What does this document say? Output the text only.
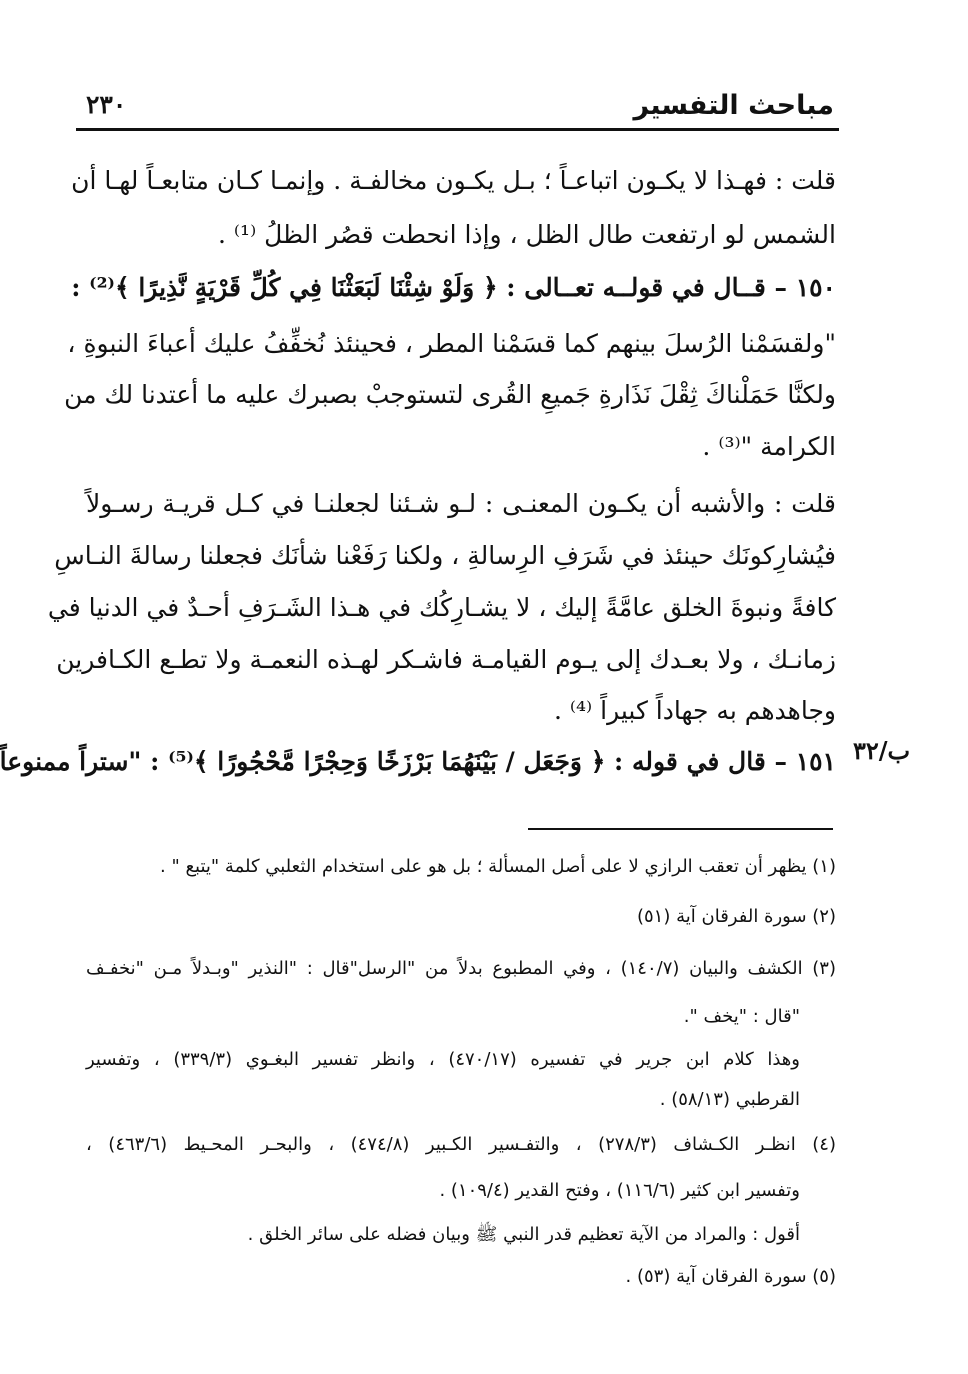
مباحث التفسير
٢٣٠
قلت : فهـذا لا يكـون اتباعـاً ؛ بـل يكـون مخالفـة . وإنمـا كـان متابعـاً لهـا أن
الشمس لو ارتفعت طال الظل ، وإذا انحطت قصُر الظلُ ⁽¹⁾ .
١٥٠ – قــال في قولــه تعــالى : ﴿ وَلَوْ شِئْنَا لَبَعَثْنَا فِي كُلِّ قَرْيَةٍ نَّذِيرًا ﴾⁽²⁾ :
"ولقسَمْنا الرُسلَ بينهم كما قسَمْنا المطر ، فحينئذ نُخفِّفُ عليك أعباءَ النبوةِ ،
ولكنَّا حَمَلْناكَ ثِقْلَ نَذَارةِ جَميعِ القُرى لتستوجبْ بصبرك عليه ما أعتدنا لك من
الكرامة "⁽³⁾ .
قلت : والأشبه أن يكـون المعنـى : لـو شـئنا لجعلنـا في كـل قريـة رسـولاً
فيُشارِكونَك حينئذ في شَرَفِ الرِسالةِ ، ولكنا رَفَعْنا شأنَك فجعلنا رسالةَ النـاسِ
كافةً ونبوةَ الخلق عامَّةً إليك ، لا يشـارِكُك في هـذا الشَـرَفِ أحـدٌ في الدنيا في
زمانـك ، ولا بعـدك إلى يـوم القيامـة فاشـكر لهـذه النعمـة ولا تطـع الكـافرين
وجاهدهم به جهاداً كبيراً ⁽⁴⁾ .
١٥١ – قال في قوله : ﴿ وَجَعَل / بَيْنَهُمَا بَرْزَخًا وَحِجْرًا مَّحْجُورًا ﴾⁽⁵⁾ : "ستراً ممنوعاً ب/٣٢
(١) يظهر أن تعقب الرازي لا على أصل المسألة ؛ بل هو على استخدام الثعلبي كلمة "يتبع " .
(٢) سورة الفرقان آية (٥١)
(٣) الكشف والبيان (١٤٠/٧) ، وفي المطبوع بدلاً من "الرسل"قال : "النذير "وبـدلاً مـن "نخفـف
"قال : "يخف ".
وهذا كلام ابن جرير في تفسيره (٤٧٠/١٧) ، وانظر تفسير البغـوي (٣٣٩/٣) ، وتفسير
القرطبي (٥٨/١٣) .
(٤) انظـر الكـشاف (٢٧٨/٣) ، والتفـسير الكـبير (٤٧٤/٨) ، والبحـر المحـيط (٤٦٣/٦) ،
وتفسير ابن كثير (١١٦/٦) ، وفتح القدير (١٠٩/٤) .
أقول : والمراد من الآية تعظيم قدر النبي ﷺ وبيان فضله على سائر الخلق .
(٥) سورة الفرقان آية (٥٣) .
